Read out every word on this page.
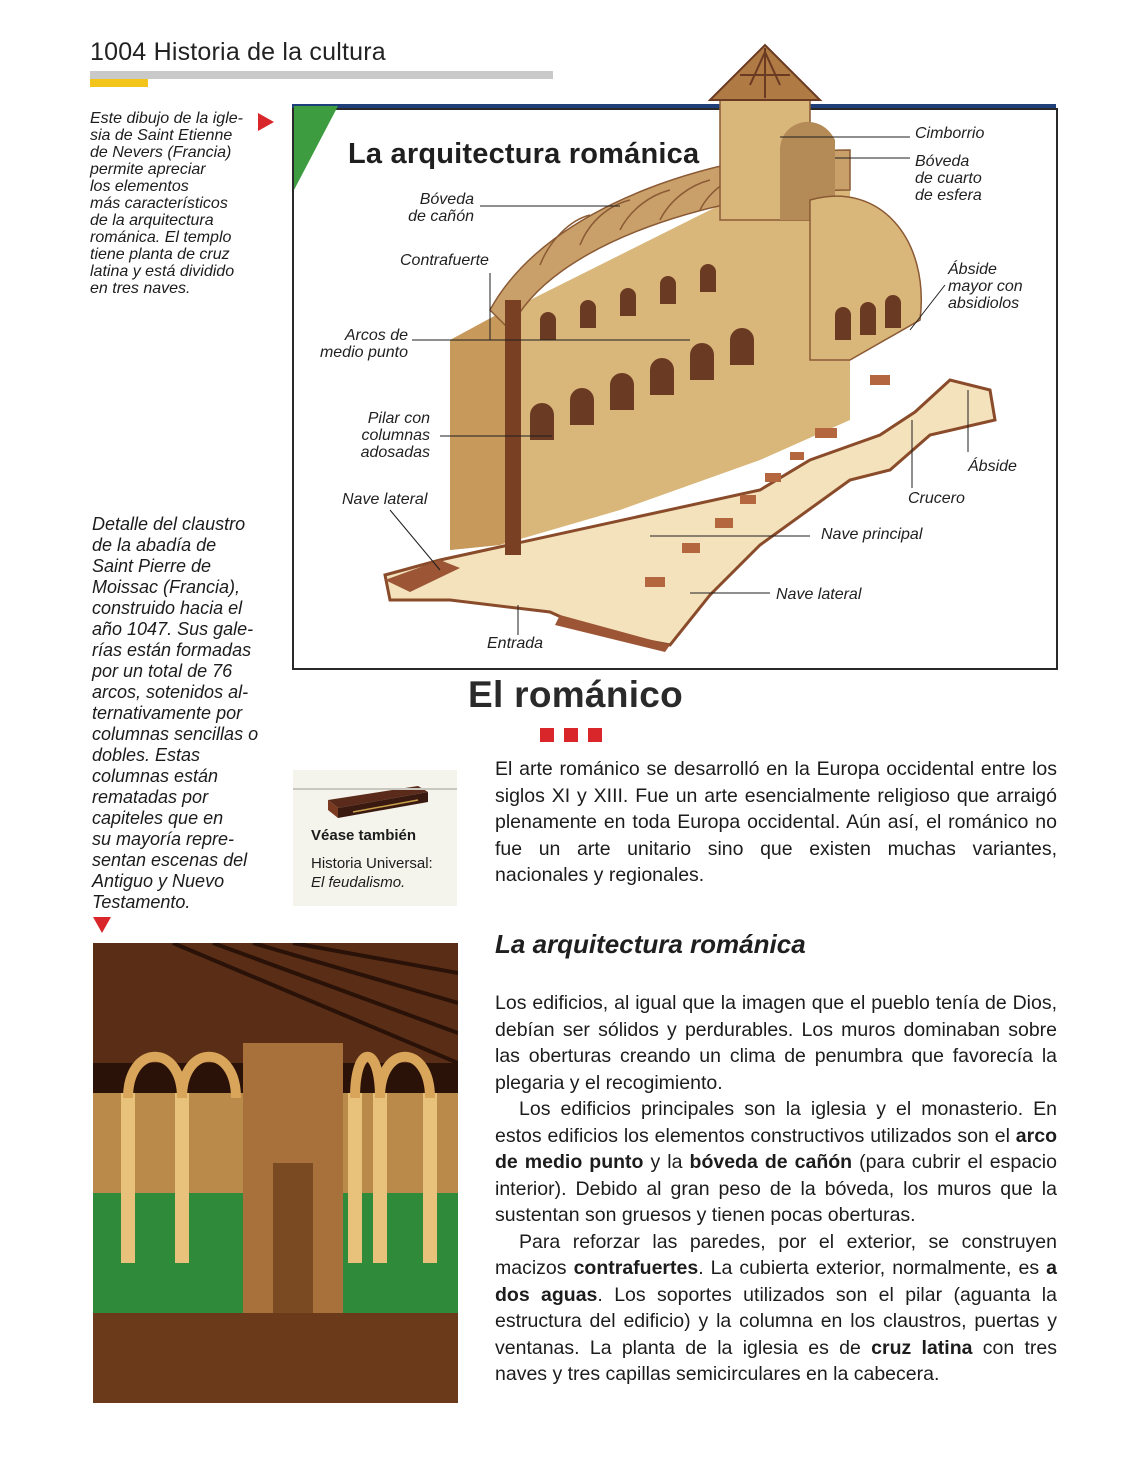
1004 Historia de la cultura
Este dibujo de la igle-
sia de Saint Etienne
de Nevers (Francia)
permite apreciar
los elementos
más característicos
de la arquitectura
románica. El templo
tiene planta de cruz
latina y está dividido
en tres naves.
Detalle del claustro
de la abadía de
Saint Pierre de
Moissac (Francia),
construido hacia el
año 1047. Sus gale-
rías están formadas
por un total de 76
arcos, sotenidos al-
ternativamente por
columnas sencillas o
dobles. Estas
columnas están
rematadas por
capiteles que en
su mayoría repre-
sentan escenas del
Antiguo y Nuevo
Testamento.
La arquitectura románica
Cimborrio
Bóveda
de cuarto
de esfera
Bóveda
de cañón
Contrafuerte
Ábside
mayor con
absidiolos
Arcos de
medio punto
Pilar con
columnas
adosadas
Ábside
Nave lateral	Crucero
Nave principal
Nave lateral
Entrada
El románico
Véase también
Historia Universal:
El feudalismo.

El arte románico se desarrolló en la Europa occidental entre los siglos XI y XIII. Fue un arte esencialmente religioso que arraigó plenamente en toda Europa occidental. Aún así, el románico no fue un arte unitario sino que existen muchas variantes, nacionales y regionales.

La arquitectura románica

Los edificios, al igual que la imagen que el pueblo tenía de Dios, debían ser sólidos y perdurables. Los muros dominaban sobre las oberturas creando un clima de penumbra que favorecía la plegaria y el recogimiento.

Los edificios principales son la iglesia y el monasterio. En estos edificios los elementos constructivos utilizados son el arco de medio punto y la bóveda de cañón (para cubrir el espacio interior). Debido al gran peso de la bóveda, los muros que la sustentan son gruesos y tienen pocas oberturas.

Para reforzar las paredes, por el exterior, se construyen macizos contrafuertes. La cubierta exterior, normalmente, es a dos aguas. Los soportes utilizados son el pilar (aguanta la estructura del edificio) y la columna en los claustros, puertas y ventanas. La planta de la iglesia es de cruz latina con tres naves y tres capillas semicirculares en la cabecera.
